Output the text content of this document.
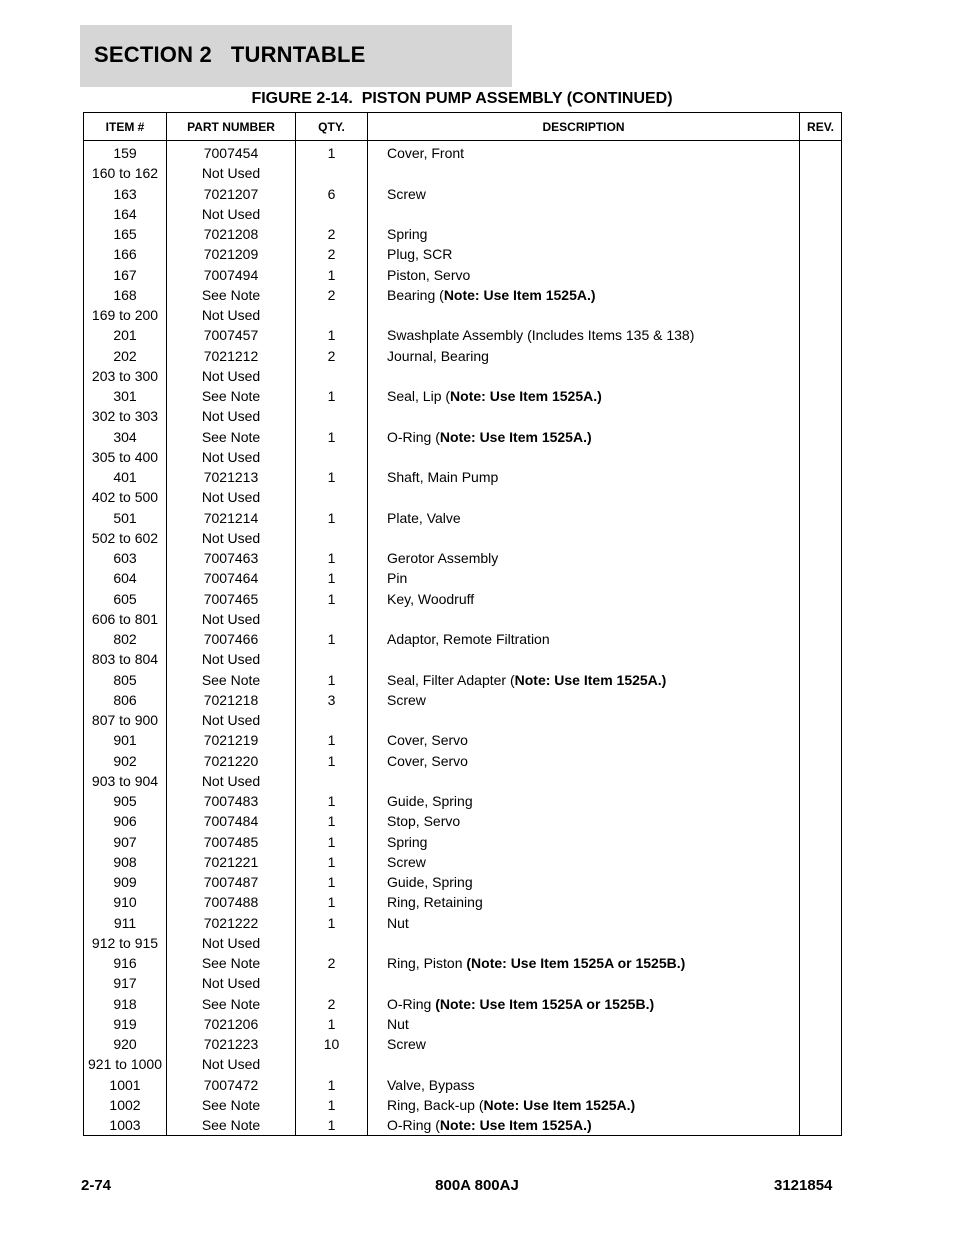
SECTION 2   TURNTABLE
FIGURE 2-14.  PISTON PUMP ASSEMBLY (CONTINUED)
ITEM #	PART NUMBER	QTY.	DESCRIPTION	REV.
159	7007454	1	Cover, Front	
160 to 162	Not Used			
163	7021207	6	Screw	
164	Not Used			
165	7021208	2	Spring	
166	7021209	2	Plug, SCR	
167	7007494	1	Piston, Servo	
168	See Note	2	Bearing (Note: Use Item 1525A.)	
169 to 200	Not Used			
201	7007457	1	Swashplate Assembly (Includes Items 135 & 138)	
202	7021212	2	Journal, Bearing	
203 to 300	Not Used			
301	See Note	1	Seal, Lip (Note: Use Item 1525A.)	
302 to 303	Not Used			
304	See Note	1	O-Ring (Note: Use Item 1525A.)	
305 to 400	Not Used			
401	7021213	1	Shaft, Main Pump	
402 to 500	Not Used			
501	7021214	1	Plate, Valve	
502 to 602	Not Used			
603	7007463	1	Gerotor Assembly	
604	7007464	1	Pin	
605	7007465	1	Key, Woodruff	
606 to 801	Not Used			
802	7007466	1	Adaptor, Remote Filtration	
803 to 804	Not Used			
805	See Note	1	Seal, Filter Adapter (Note: Use Item 1525A.)	
806	7021218	3	Screw	
807 to 900	Not Used			
901	7021219	1	Cover, Servo	
902	7021220	1	Cover, Servo	
903 to 904	Not Used			
905	7007483	1	Guide, Spring	
906	7007484	1	Stop, Servo	
907	7007485	1	Spring	
908	7021221	1	Screw	
909	7007487	1	Guide, Spring	
910	7007488	1	Ring, Retaining	
911	7021222	1	Nut	
912 to 915	Not Used			
916	See Note	2	Ring, Piston (Note: Use Item 1525A or 1525B.)	
917	Not Used			
918	See Note	2	O-Ring (Note: Use Item 1525A or 1525B.)	
919	7021206	1	Nut	
920	7021223	10	Screw	
921 to 1000	Not Used			
1001	7007472	1	Valve, Bypass	
1002	See Note	1	Ring, Back-up (Note: Use Item 1525A.)	
1003	See Note	1	O-Ring (Note: Use Item 1525A.)	
2-74	800A 800AJ	3121854
